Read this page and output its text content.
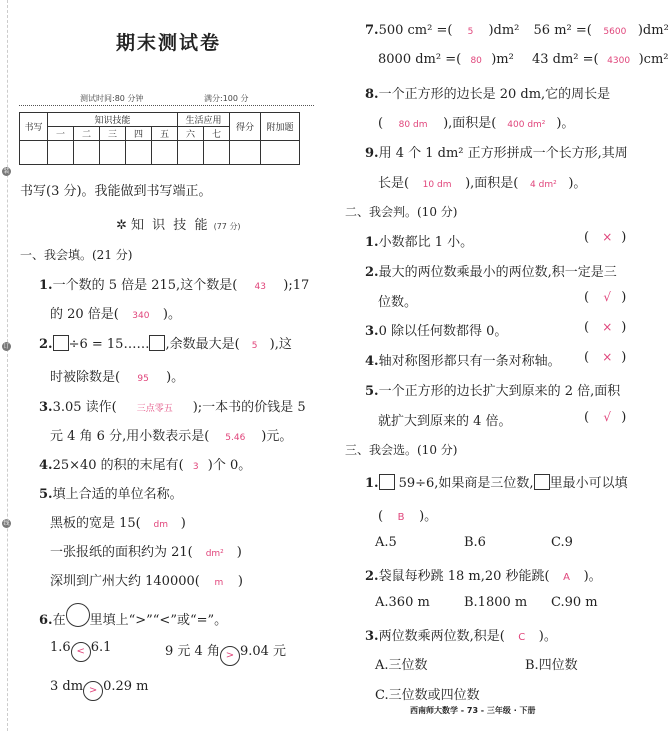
装
订
线
期末测试卷
测试时间:80 分钟	满分:100 分
书写	知识技能					生活应用		得分	附加题
	一	二	三	四	五	六	七		

书写(3 分)。我能做到书写端正。
✲ 知 识 技 能 (77 分)
一、我会填。(21 分)
1.一个数的 5 倍是 215,这个数是( 43 );17
的 20 倍是( 340 )。
2. ÷6 = 15…… ,余数最大是( 5 ),这
时被除数是( 95 )。
3.3.05 读作( 三点零五 );一本书的价钱是 5
元 4 角 6 分,用小数表示是( 5.46 )元。
4.25×40 的积的末尾有( 3 )个 0。
5.填上合适的单位名称。
黑板的宽是 15( dm )
一张报纸的面积约为 21( dm² )
深圳到广州大约 140000( m )
6.在 里填上“>”“<”或“=”。
1.6 < 6.1	9 元 4 角 > 9.04 元
3 dm > 0.29 m
7.500 cm² =( 5 )dm² 56 m² =( 5600 )dm²
8000 dm² =( 80 )m² 43 dm² =( 4300 )cm²
8.一个正方形的边长是 20 dm,它的周长是
( 80 dm ),面积是( 400 dm² )。
9.用 4 个 1 dm² 正方形拼成一个长方形,其周
长是( 10 dm ),面积是( 4 dm² )。
二、我会判。(10 分)
1.小数都比 1 小。	( × )
2.最大的两位数乘最小的两位数,积一定是三
位数。	( √ )
3.0 除以任何数都得 0。	( × )
4.轴对称图形都只有一条对称轴。 ( × )
5.一个正方形的边长扩大到原来的 2 倍,面积
就扩大到原来的 4 倍。	( √ )
三、我会选。(10 分)
1. 59÷6,如果商是三位数, 里最小可以填
( B )。
A.5	B.6	C.9
2.袋鼠每秒跳 18 m,20 秒能跳( A )。
A.360 m	B.1800 m C.90 m
3.两位数乘两位数,积是( C )。
A.三位数	B.四位数
C.三位数或四位数
西南师大数学 - 73 - 三年级 · 下册
